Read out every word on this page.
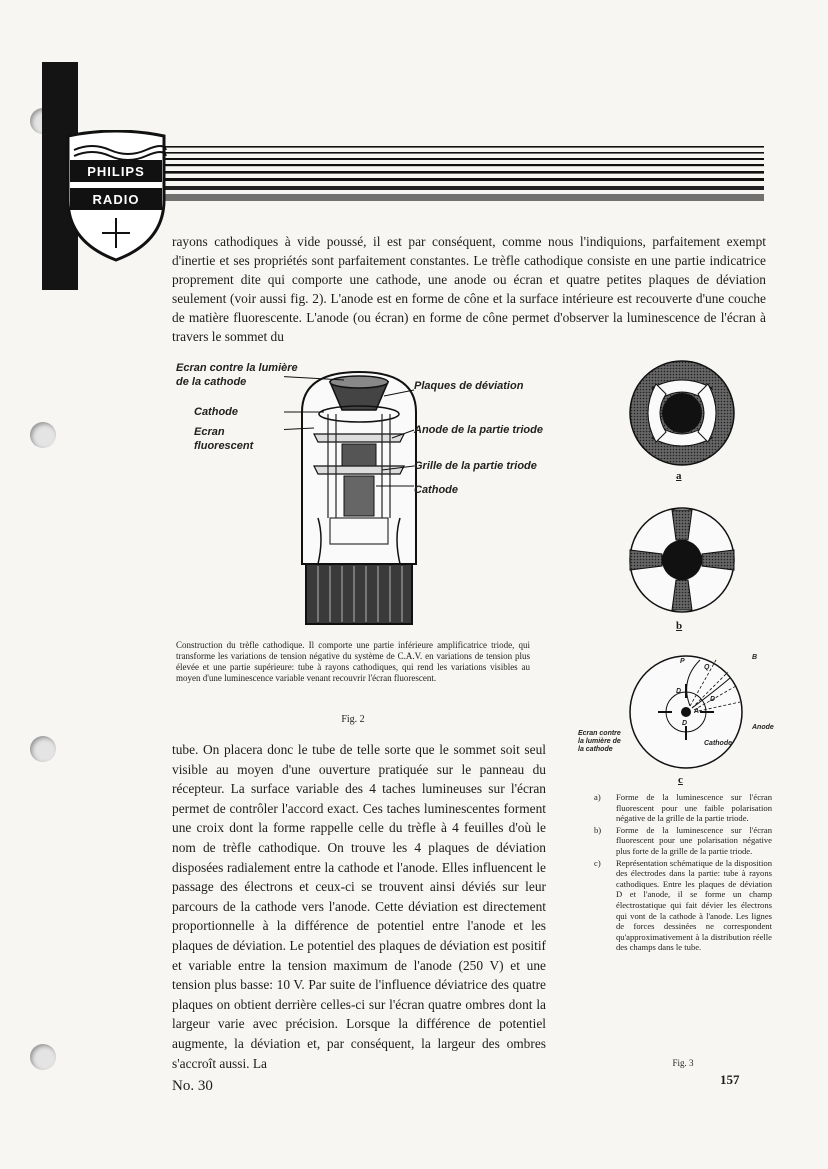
PHILIPS
RADIO

rayons cathodiques à vide poussé, il est par conséquent, comme nous l'indiquions, parfaitement exempt d'inertie et ses propriétés sont parfaitement constantes. Le trèfle cathodique consiste en une partie indicatrice proprement dite qui comporte une cathode, une anode ou écran et quatre petites plaques de déviation seulement (voir aussi fig. 2). L'anode est en forme de cône et la surface intérieure est recouverte d'une couche de matière fluorescente. L'anode (ou écran) en forme de cône permet d'observer la luminescence de l'écran à travers le sommet du

Ecran contre la lumière
de la cathode
Cathode
Ecran
fluorescent
Plaques de déviation
Anode de la partie triode
Grille de la partie triode
Cathode

Construction du trèfle cathodique. Il comporte une partie inférieure amplificatrice triode, qui transforme les variations de tension négative du système de C.A.V. en variations de tension plus élevée et une partie supérieure: tube à rayons cathodiques, qui rend les variations visibles au moyen d'une luminescence variable venant recouvrir l'écran fluorescent.

Fig. 2

tube. On placera donc le tube de telle sorte que le sommet soit seul visible au moyen d'une ouverture pratiquée sur le panneau du récepteur. La surface variable des 4 taches lumineuses sur l'écran permet de contrôler l'accord exact. Ces taches luminescentes forment une croix dont la forme rappelle celle du trèfle à 4 feuilles d'où le nom de trèfle cathodique. On trouve les 4 plaques de déviation disposées radialement entre la cathode et l'anode. Elles influencent le passage des électrons et ceux-ci se trouvent ainsi déviés sur leur parcours de la cathode vers l'anode. Cette déviation est directement proportionnelle à la différence de potentiel entre l'anode et les plaques de déviation. Le potentiel des plaques de déviation est positif et variable entre la tension maximum de l'anode (250 V) et une tension plus basse: 10 V. Par suite de l'influence déviatrice des quatre plaques on obtient derrière celles-ci sur l'écran quatre ombres dont la largeur varie avec précision. Lorsque la différence de potentiel augmente, la déviation et, par conséquent, la largeur des ombres s'accroît aussi. La

a
b
P
Q
D
D
D
A
B
Ecran contre la lumière de la cathode
Anode
Cathode
c
a)	Forme de la luminescence sur l'écran fluorescent pour une faible polarisation négative de la grille de la partie triode.
b)	Forme de la luminescence sur l'écran fluorescent pour une polarisation négative plus forte de la grille de la partie triode.
c)	Représentation schématique de la disposition des électrodes dans la partie: tube à rayons cathodiques. Entre les plaques de déviation D et l'anode, il se forme un champ électrostatique qui fait dévier les électrons qui vont de la cathode à l'anode. Les lignes de forces dessinées ne correspondent qu'approximativement à la distribution réelle des champs dans le tube.
Fig. 3
No. 30	157
